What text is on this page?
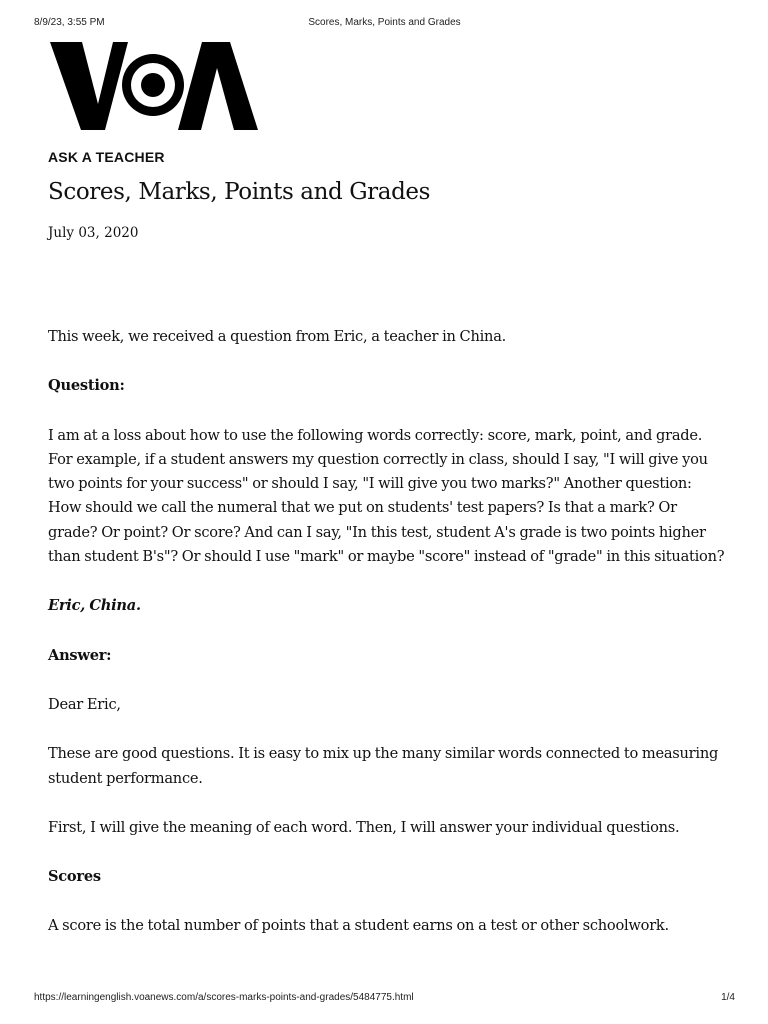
8/9/23, 3:55 PM	Scores, Marks, Points and Grades
ASK A TEACHER
Scores, Marks, Points and Grades
July 03, 2020

This week, we received a question from Eric, a teacher in China.

Question:

I am at a loss about how to use the following words correctly: score, mark, point, and grade. For example, if a student answers my question correctly in class, should I say, "I will give you two points for your success" or should I say, "I will give you two marks?" Another question: How should we call the numeral that we put on students' test papers? Is that a mark? Or grade? Or point? Or score? And can I say, "In this test, student A's grade is two points higher than student B's"? Or should I use "mark" or maybe "score" instead of "grade" in this situation?

Eric, China.

Answer:

Dear Eric,

These are good questions. It is easy to mix up the many similar words connected to measuring student performance.

First, I will give the meaning of each word. Then, I will answer your individual questions.

Scores

A score is the total number of points that a student earns on a test or other schoolwork.

https://learningenglish.voanews.com/a/scores-marks-points-and-grades/5484775.html	1/4
